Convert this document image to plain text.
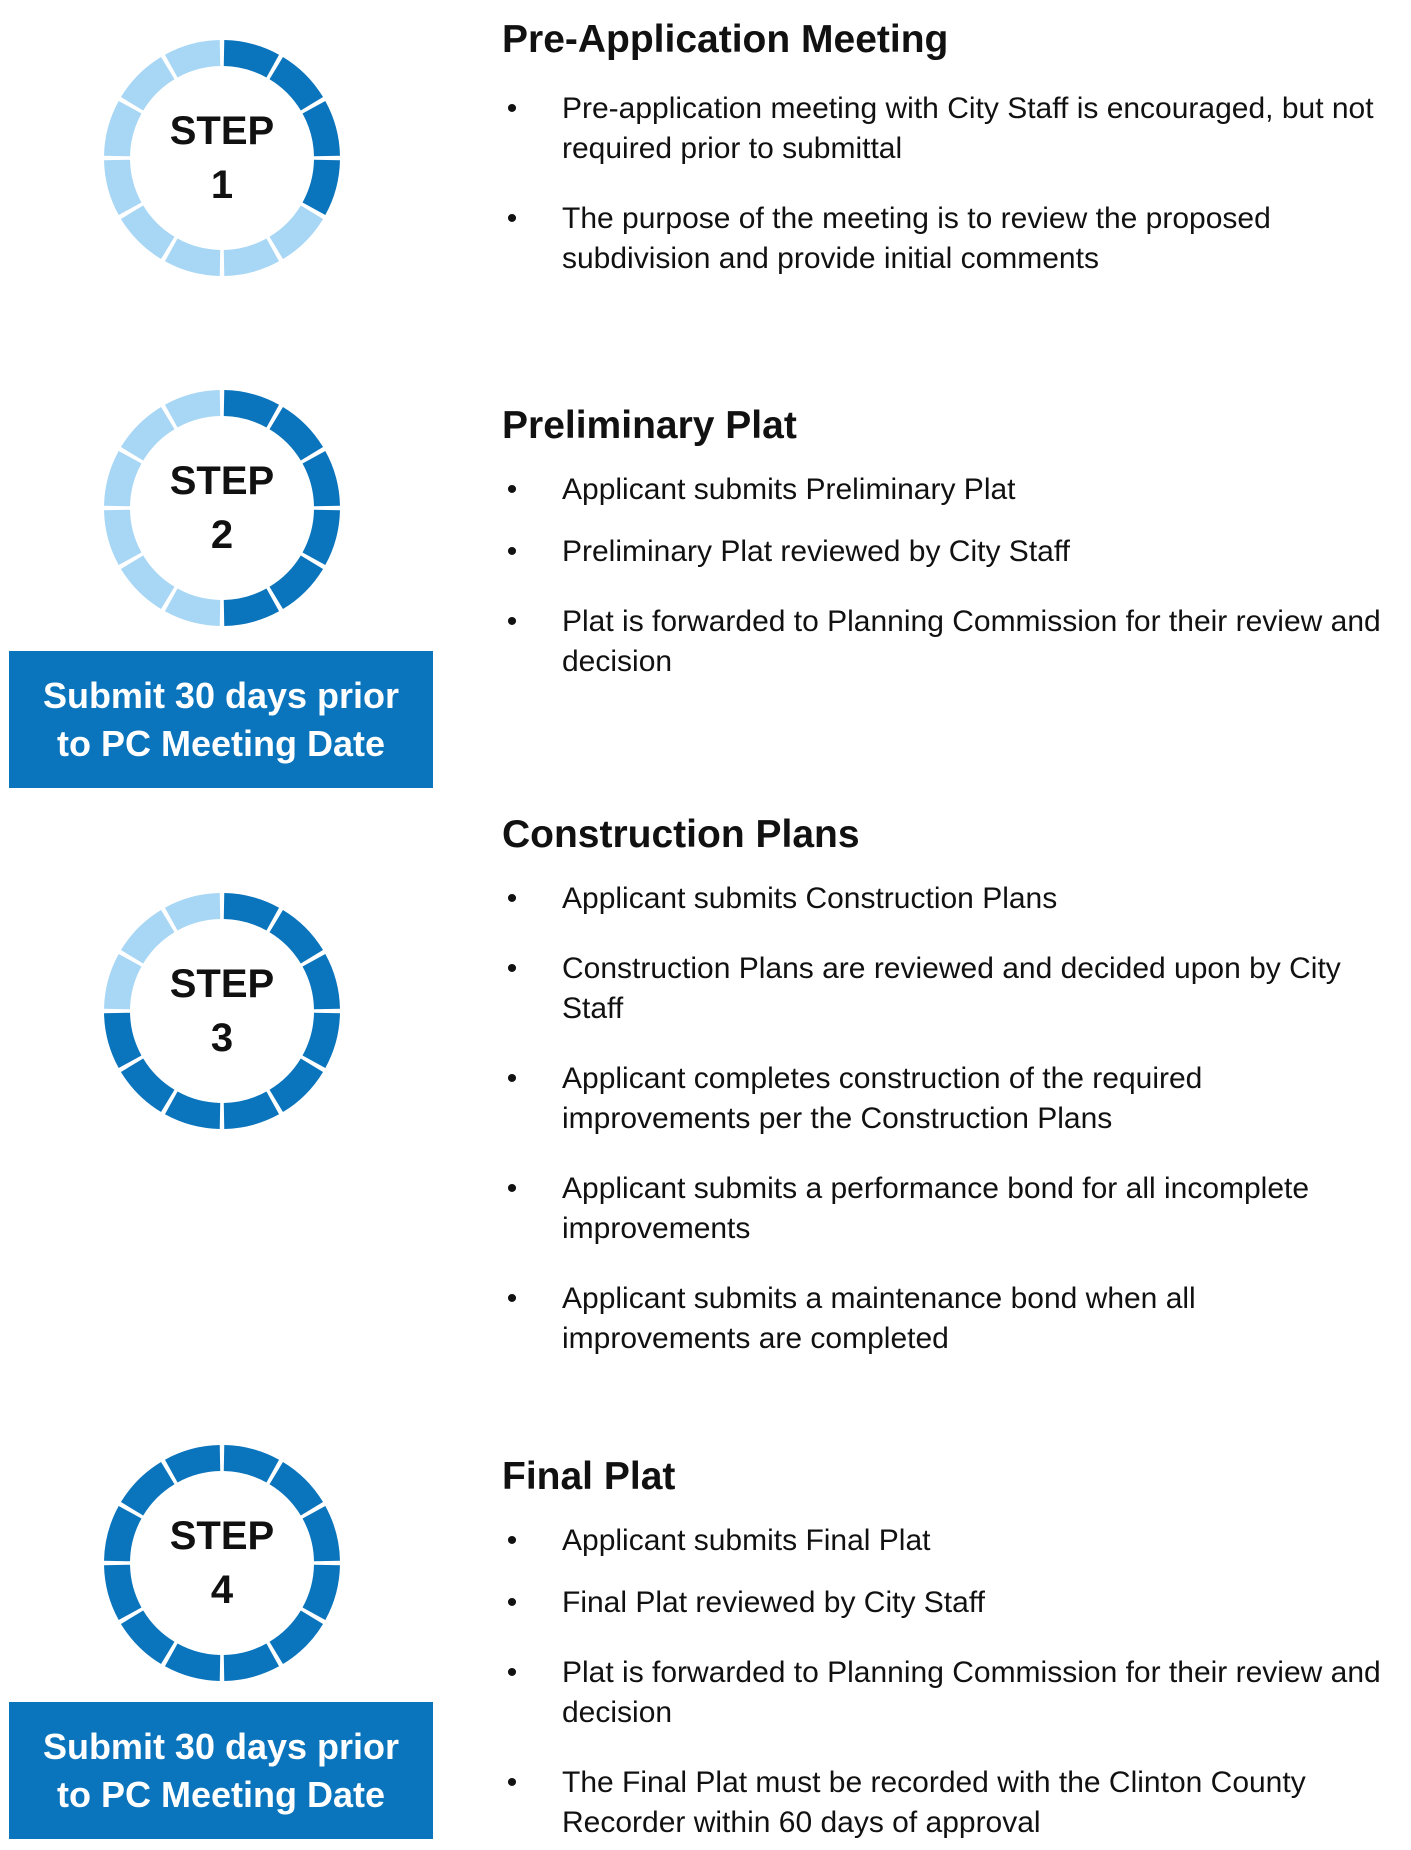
STEP
1
Pre-Application Meeting
• Pre-application meeting with City Staff is encouraged, but not required prior to submittal
• The purpose of the meeting is to review the proposed subdivision and provide initial comments
STEP
2
Submit 30 days prior
to PC Meeting Date
Preliminary Plat
• Applicant submits Preliminary Plat
• Preliminary Plat reviewed by City Staff
• Plat is forwarded to Planning Commission for their review and decision
STEP
3
Construction Plans
• Applicant submits Construction Plans
• Construction Plans are reviewed and decided upon by City Staff
• Applicant completes construction of the required improvements per the Construction Plans
• Applicant submits a performance bond for all incomplete improvements
• Applicant submits a maintenance bond when all improvements are completed
STEP
4
Submit 30 days prior
to PC Meeting Date
Final Plat
• Applicant submits Final Plat
• Final Plat reviewed by City Staff
• Plat is forwarded to Planning Commission for their review and decision
• The Final Plat must be recorded with the Clinton County Recorder within 60 days of approval
